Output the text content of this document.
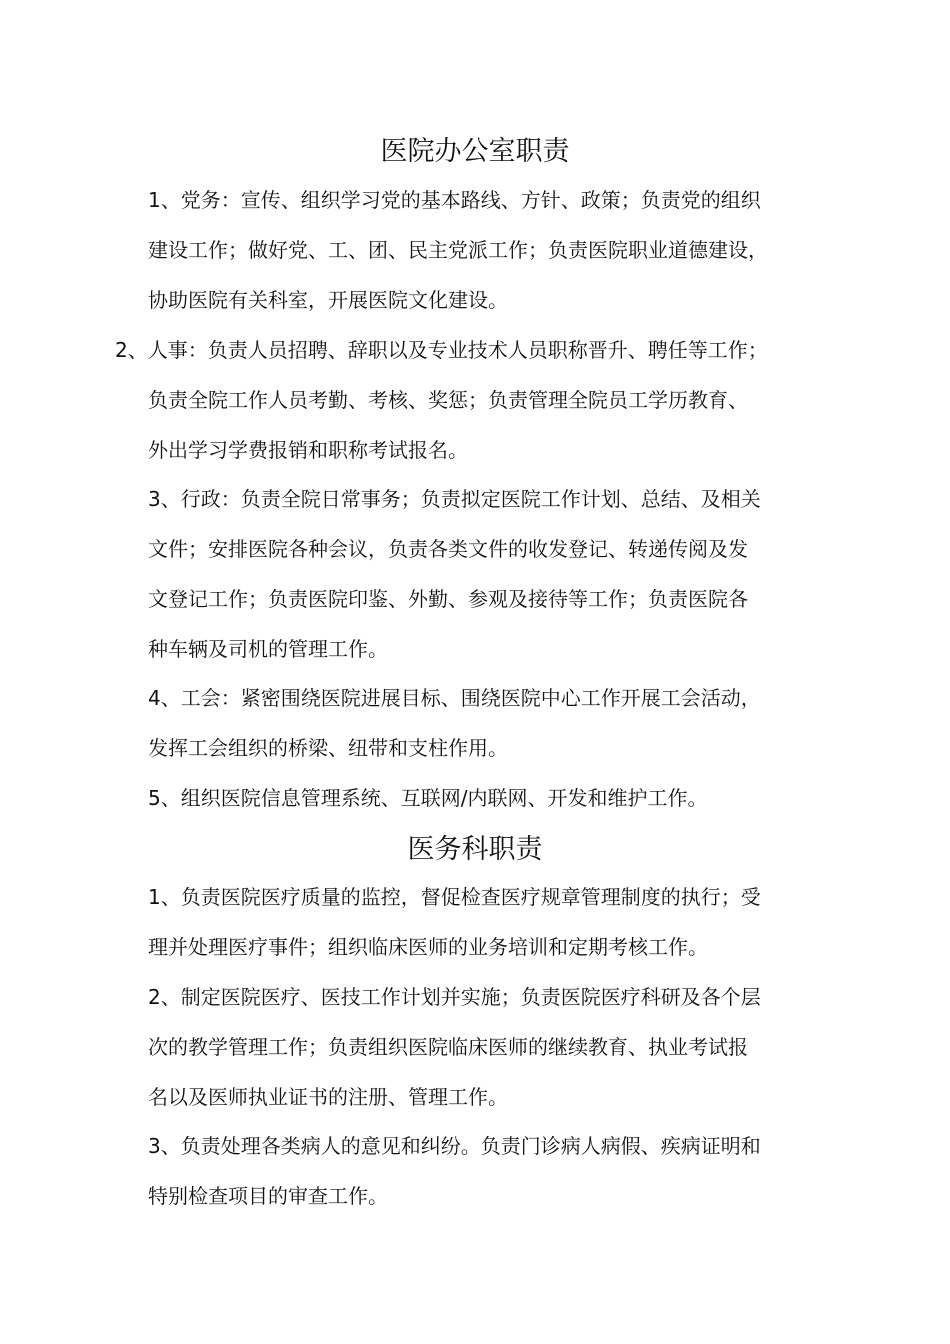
医院办公室职责
1、党务：宣传、组织学习党的基本路线、方针、政策；负责党的组织
建设工作；做好党、工、团、民主党派工作；负责医院职业道德建设，
协助医院有关科室，开展医院文化建设。
2、人事：负责人员招聘、辞职以及专业技术人员职称晋升、聘任等工作；
负责全院工作人员考勤、考核、奖惩；负责管理全院员工学历教育、
外出学习学费报销和职称考试报名。
3、行政：负责全院日常事务；负责拟定医院工作计划、总结、及相关
文件；安排医院各种会议，负责各类文件的收发登记、转递传阅及发
文登记工作；负责医院印鉴、外勤、参观及接待等工作；负责医院各
种车辆及司机的管理工作。
4、工会：紧密围绕医院进展目标、围绕医院中心工作开展工会活动，
发挥工会组织的桥梁、纽带和支柱作用。
5、组织医院信息管理系统、互联网/内联网、开发和维护工作。
医务科职责
1、负责医院医疗质量的监控，督促检查医疗规章管理制度的执行；受
理并处理医疗事件；组织临床医师的业务培训和定期考核工作。
2、制定医院医疗、医技工作计划并实施；负责医院医疗科研及各个层
次的教学管理工作；负责组织医院临床医师的继续教育、执业考试报
名以及医师执业证书的注册、管理工作。
3、负责处理各类病人的意见和纠纷。负责门诊病人病假、疾病证明和
特别检查项目的审查工作。
